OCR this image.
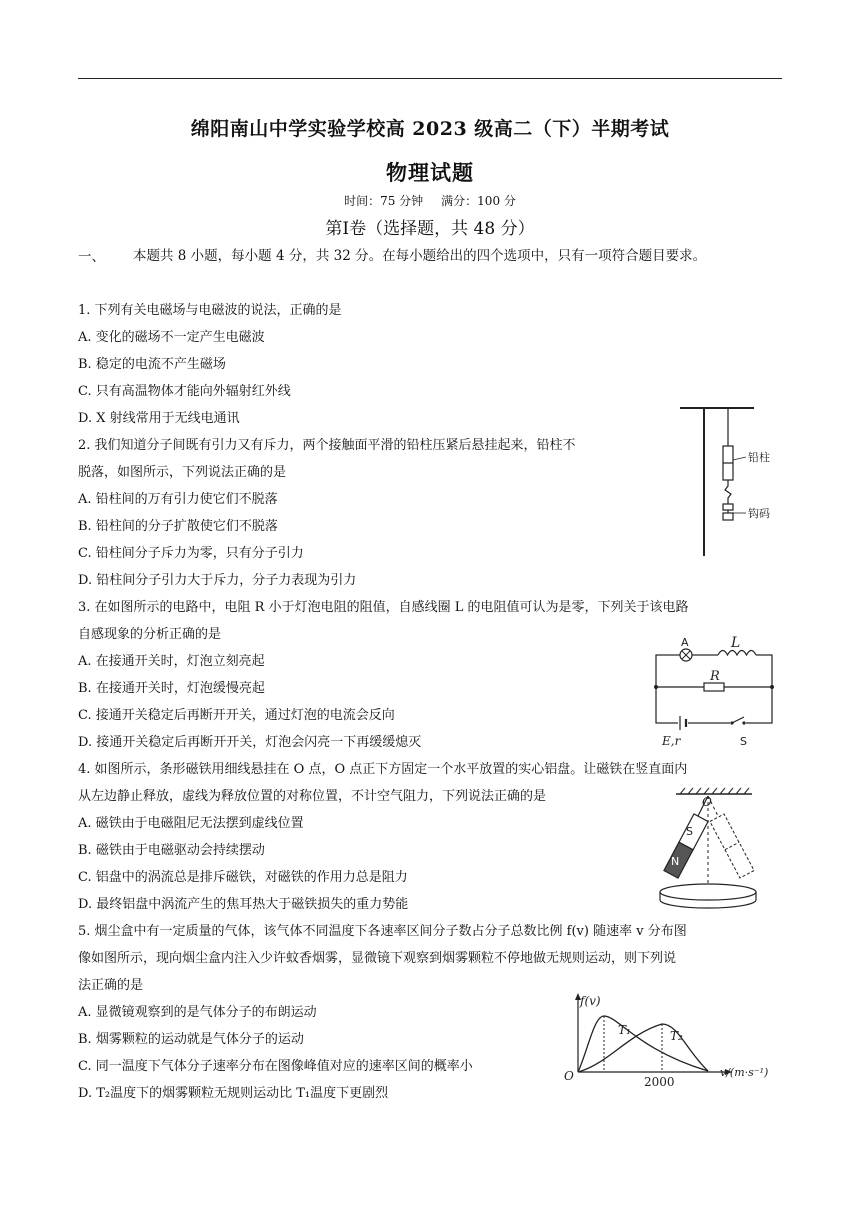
绵阳南山中学实验学校高 2023 级高二（下）半期考试
物理试题
时间：75 分钟 满分：100 分
第Ⅰ卷（选择题，共 48 分）
一、 本题共 8 小题，每小题 4 分，共 32 分。在每小题给出的四个选项中，只有一项符合题目要求。
1. 下列有关电磁场与电磁波的说法，正确的是
A. 变化的磁场不一定产生电磁波
B. 稳定的电流不产生磁场
C. 只有高温物体才能向外辐射红外线
D. X 射线常用于无线电通讯
2. 我们知道分子间既有引力又有斥力，两个接触面平滑的铅柱压紧后悬挂起来，铅柱不
脱落，如图所示，下列说法正确的是
A. 铅柱间的万有引力使它们不脱落
B. 铅柱间的分子扩散使它们不脱落
C. 铅柱间分子斥力为零，只有分子引力
D. 铅柱间分子引力大于斥力，分子力表现为引力
3. 在如图所示的电路中，电阻 R 小于灯泡电阻的阻值，自感线圈 L 的电阻值可认为是零，下列关于该电路
自感现象的分析正确的是
A. 在接通开关时，灯泡立刻亮起
B. 在接通开关时，灯泡缓慢亮起
C. 接通开关稳定后再断开开关，通过灯泡的电流会反向
D. 接通开关稳定后再断开开关，灯泡会闪亮一下再缓缓熄灭
4. 如图所示，条形磁铁用细线悬挂在 O 点，O 点正下方固定一个水平放置的实心铝盘。让磁铁在竖直面内
从左边静止释放，虚线为释放位置的对称位置，不计空气阻力，下列说法正确的是
A. 磁铁由于电磁阻尼无法摆到虚线位置
B. 磁铁由于电磁驱动会持续摆动
C. 铝盘中的涡流总是排斥磁铁，对磁铁的作用力总是阻力
D. 最终铝盘中涡流产生的焦耳热大于磁铁损失的重力势能
5. 烟尘盒中有一定质量的气体，该气体不同温度下各速率区间分子数占分子总数比例 f(v) 随速率 v 分布图
像如图所示，现向烟尘盒内注入少许蚊香烟雾，显微镜下观察到烟雾颗粒不停地做无规则运动，则下列说
法正确的是
A. 显微镜观察到的是气体分子的布朗运动
B. 烟雾颗粒的运动就是气体分子的运动
C. 同一温度下气体分子速率分布在图像峰值对应的速率区间的概率小
D. T₂温度下的烟雾颗粒无规则运动比 T₁温度下更剧烈
铅柱
钩码
A	L
R
E,r	S
O
S
N
f(v)
O
T₁	T₂
2000
v/(m·s⁻¹)
